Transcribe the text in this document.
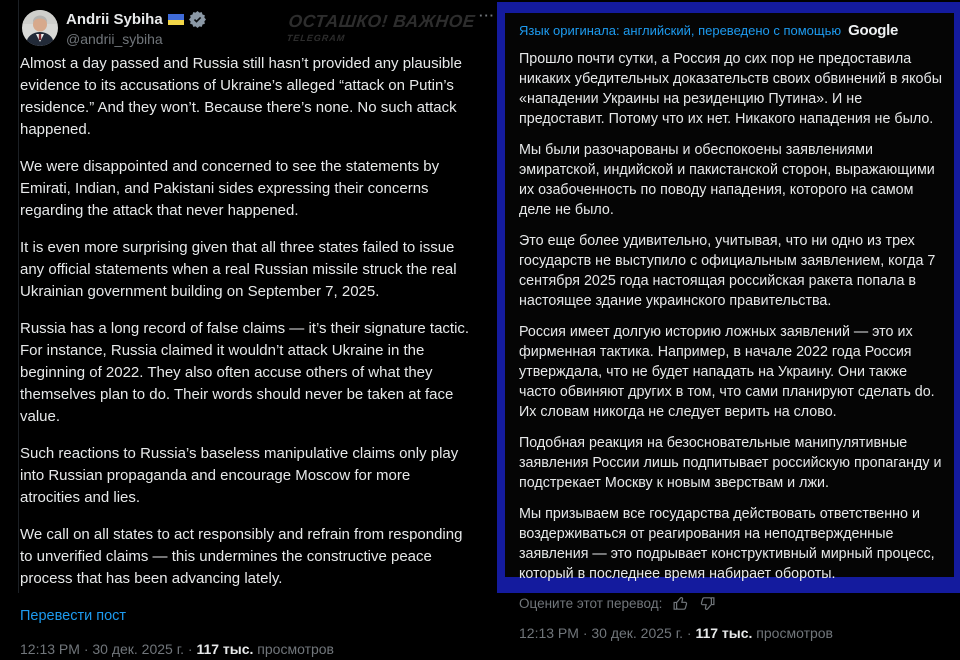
Andrii Sybiha
@andrii_sybiha
ОСТАШКО! ВАЖНОЕ
TELEGRAM
···

Almost a day passed and Russia still hasn’t provided any plausible evidence to its accusations of Ukraine’s alleged “attack on Putin’s residence.” And they won’t. Because there’s none. No such attack happened.

We were disappointed and concerned to see the statements by Emirati, Indian, and Pakistani sides expressing their concerns regarding the attack that never happened.

It is even more surprising given that all three states failed to issue any official statements when a real Russian missile struck the real Ukrainian government building on September 7, 2025.

Russia has a long record of false claims — it’s their signature tactic. For instance, Russia claimed it wouldn’t attack Ukraine in the beginning of 2022. They also often accuse others of what they themselves plan to do. Their words should never be taken at face value.

Such reactions to Russia’s baseless manipulative claims only play into Russian propaganda and encourage Moscow for more atrocities and lies.

We call on all states to act responsibly and refrain from responding to unverified claims — this undermines the constructive peace process that has been advancing lately.

Перевести пост
12:13 PM · 30 дек. 2025 г. · 117 тыс. просмотров
Язык оригинала: английский, переведено с помощью Google

Прошло почти сутки, а Россия до сих пор не предоставила никаких убедительных доказательств своих обвинений в якобы «нападении Украины на резиденцию Путина». И не предоставит. Потому что их нет. Никакого нападения не было.

Мы были разочарованы и обеспокоены заявлениями эмиратской, индийской и пакистанской сторон, выражающими их озабоченность по поводу нападения, которого на самом деле не было.

Это еще более удивительно, учитывая, что ни одно из трех государств не выступило с официальным заявлением, когда 7 сентября 2025 года настоящая российская ракета попала в настоящее здание украинского правительства.

Россия имеет долгую историю ложных заявлений — это их фирменная тактика. Например, в начале 2022 года Россия утверждала, что не будет нападать на Украину. Они также часто обвиняют других в том, что сами планируют сделать do. Их словам никогда не следует верить на слово.

Подобная реакция на безосновательные манипулятивные заявления России лишь подпитывает российскую пропаганду и подстрекает Москву к новым зверствам и лжи.

Мы призываем все государства действовать ответственно и воздерживаться от реагирования на неподтвержденные заявления — это подрывает конструктивный мирный процесс, который в последнее время набирает обороты.

Оцените этот перевод:
12:13 PM · 30 дек. 2025 г. · 117 тыс. просмотров
